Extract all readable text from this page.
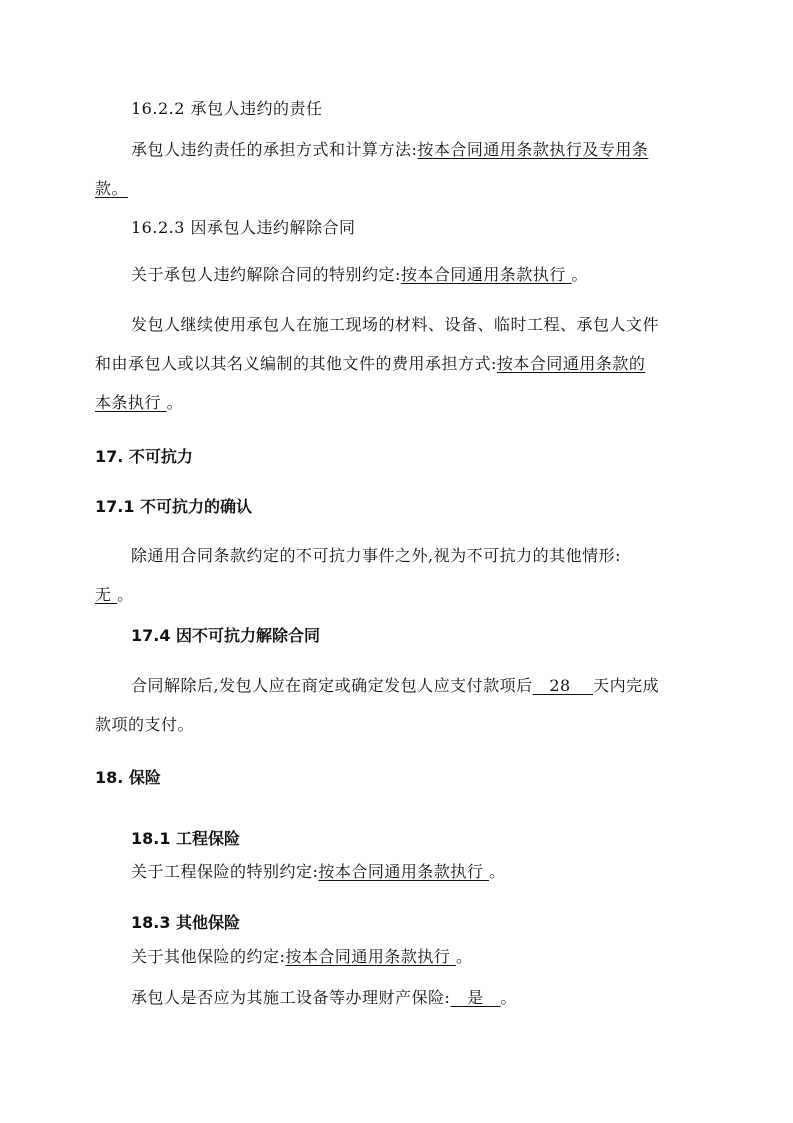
16.2.2 承包人违约的责任
承包人违约责任的承担方式和计算方法:按本合同通用条款执行及专用条
款。
16.2.3 因承包人违约解除合同
关于承包人违约解除合同的特别约定:按本合同通用条款执行 。
发包人继续使用承包人在施工现场的材料、设备、临时工程、承包人文件
和由承包人或以其名义编制的其他文件的费用承担方式:按本合同通用条款的
本条执行 。
17. 不可抗力
17.1 不可抗力的确认
除通用合同条款约定的不可抗力事件之外,视为不可抗力的其他情形:
无 。
17.4 因不可抗力解除合同
合同解除后,发包人应在商定或确定发包人应支付款项后   28    天内完成
款项的支付。
18. 保险
18.1 工程保险
关于工程保险的特别约定:按本合同通用条款执行 。
18.3 其他保险
关于其他保险的约定:按本合同通用条款执行 。
承包人是否应为其施工设备等办理财产保险:   是   。
